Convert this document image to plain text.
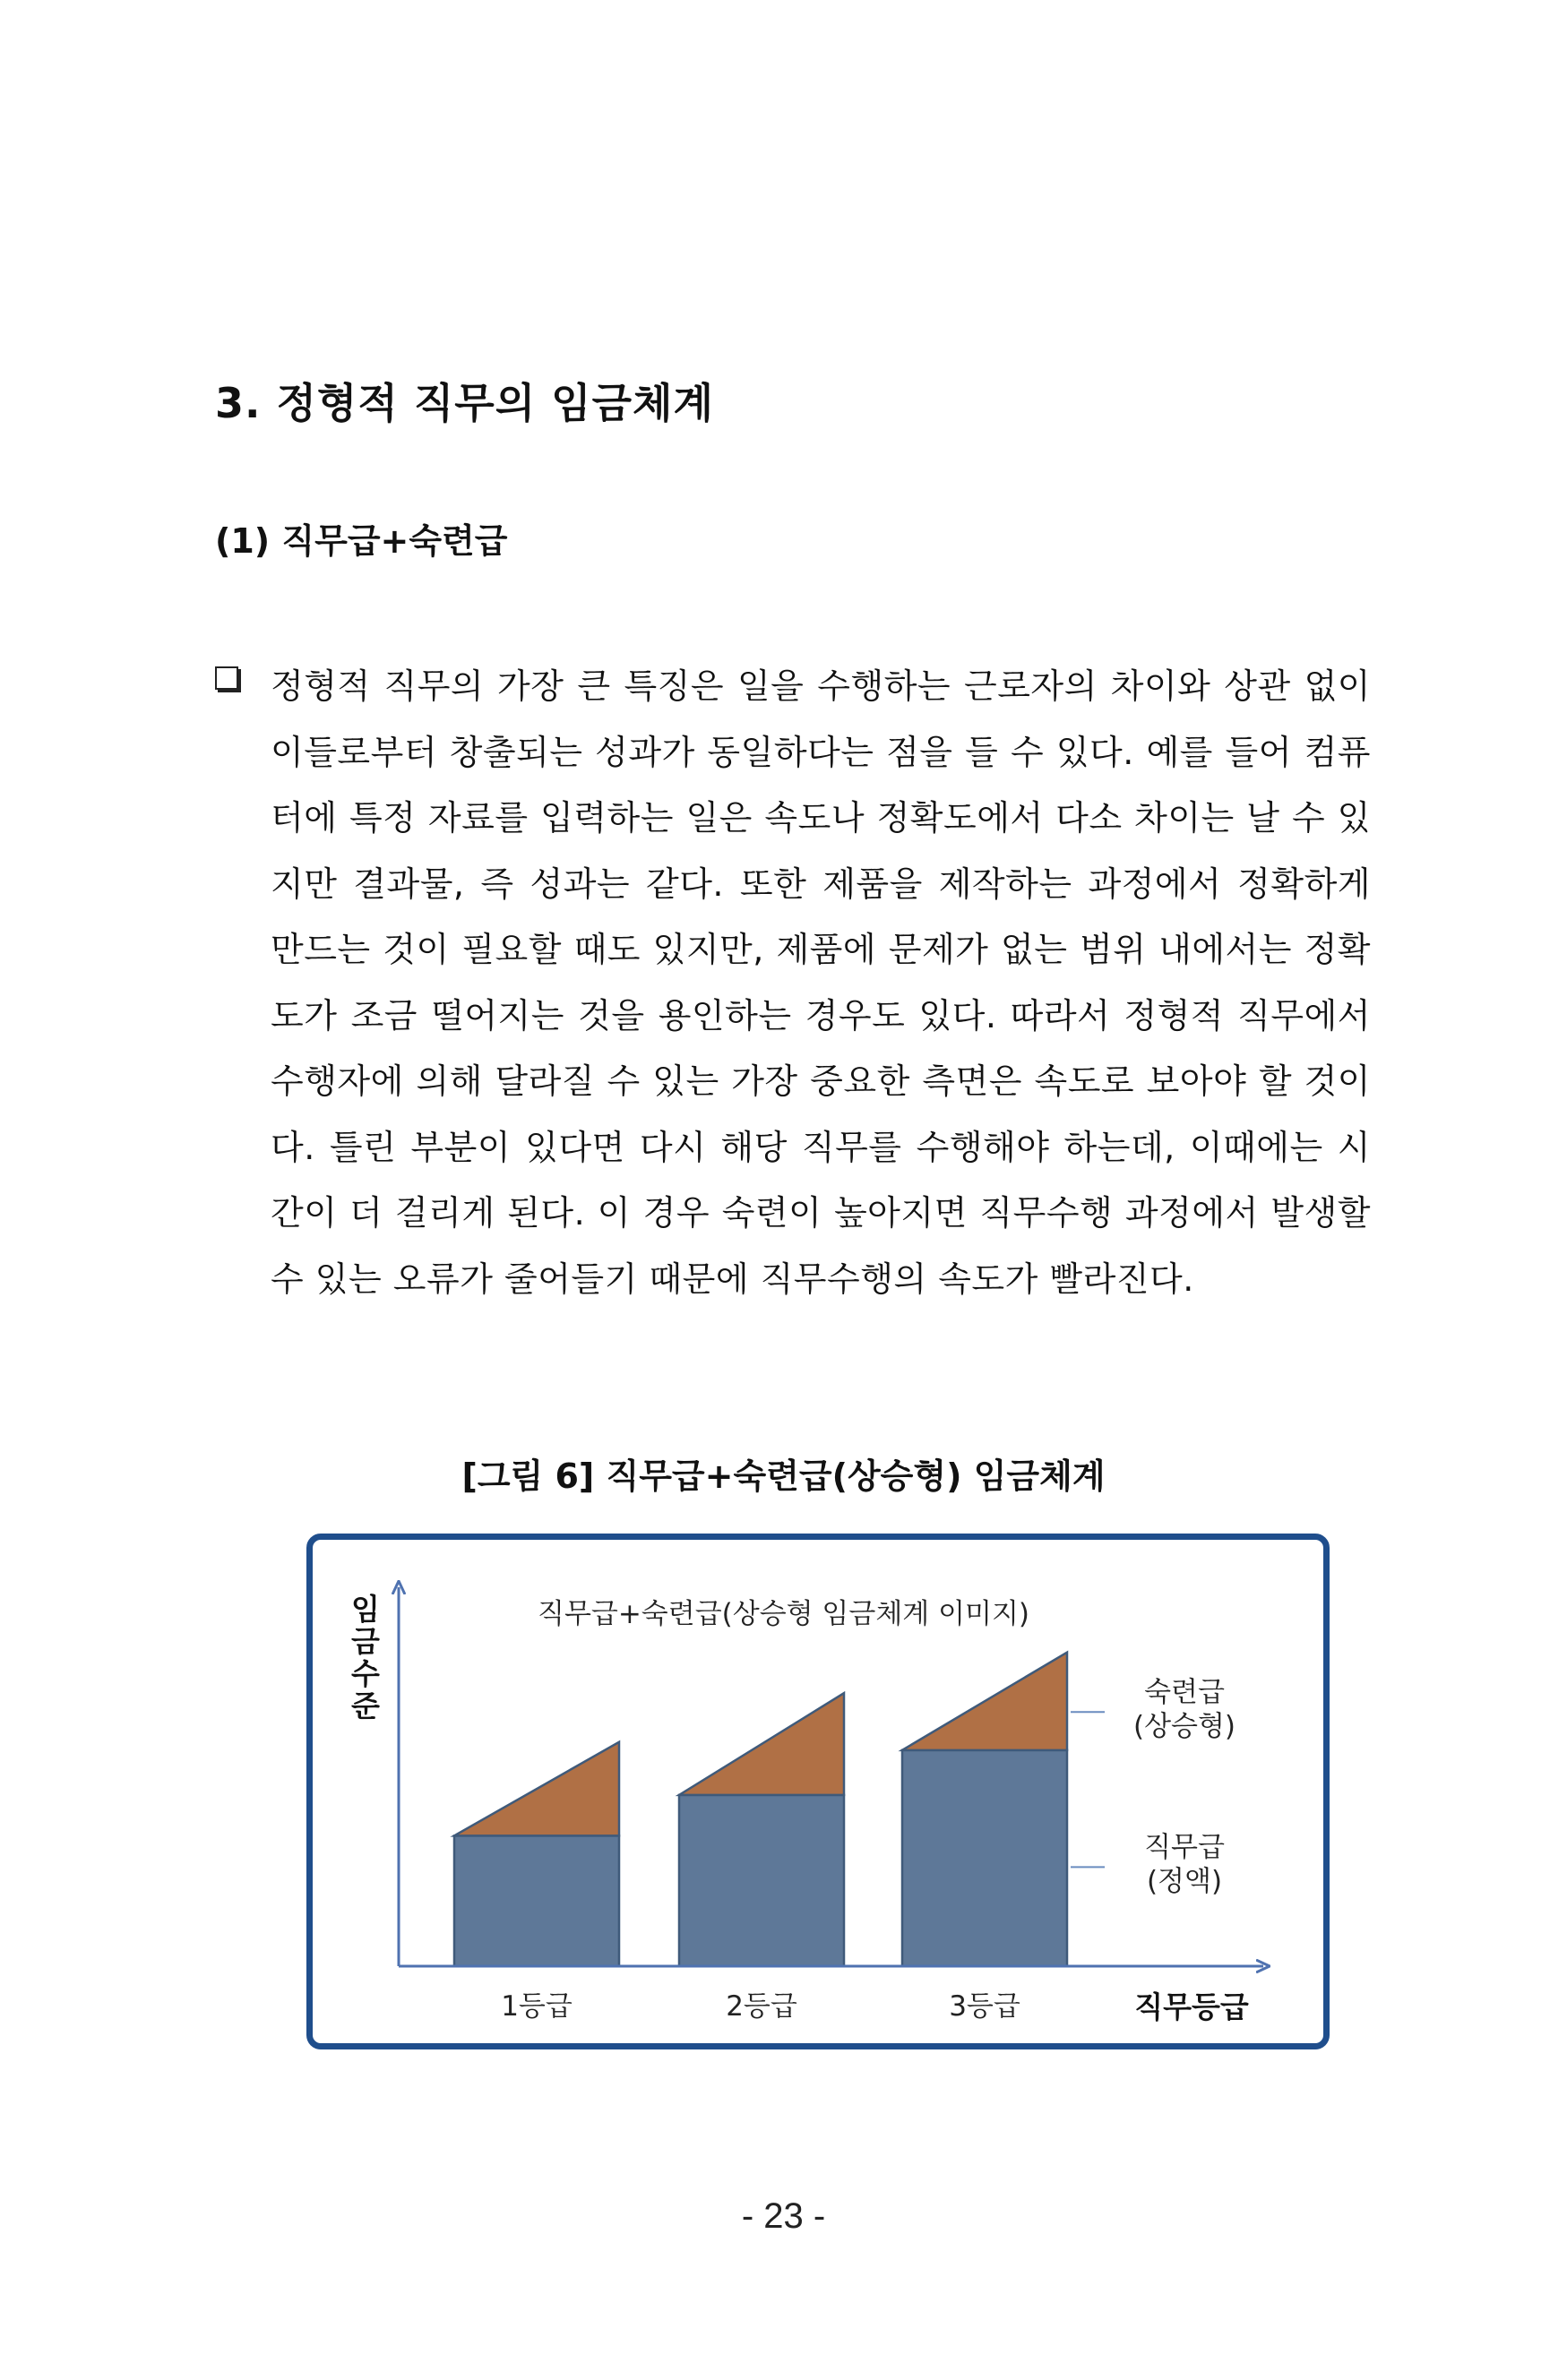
3. 정형적 직무의 임금체계
(1) 직무급+숙련급

정형적 직무의 가장 큰 특징은 일을 수행하는 근로자의 차이와 상관 없이 이들로부터 창출되는 성과가 동일하다는 점을 들 수 있다. 예를 들어 컴퓨터에 특정 자료를 입력하는 일은 속도나 정확도에서 다소 차이는 날 수 있지만 결과물, 즉 성과는 같다. 또한 제품을 제작하는 과정에서 정확하게 만드는 것이 필요할 때도 있지만, 제품에 문제가 없는 범위 내에서는 정확도가 조금 떨어지는 것을 용인하는 경우도 있다. 따라서 정형적 직무에서 수행자에 의해 달라질 수 있는 가장 중요한 측면은 속도로 보아야 할 것이다. 틀린 부분이 있다면 다시 해당 직무를 수행해야 하는데, 이때에는 시간이 더 걸리게 된다. 이 경우 숙련이 높아지면 직무수행 과정에서 발생할 수 있는 오류가 줄어들기 때문에 직무수행의 속도가 빨라진다.

[그림 6] 직무급+숙련급(상승형) 임금체계
1등급	2등급	3등급
직무급+숙련급(상승형 임금체계 이미지)
임 금 수 준
직무등급
숙련급
(상승형)
직무급
(정액)
- 23 -
